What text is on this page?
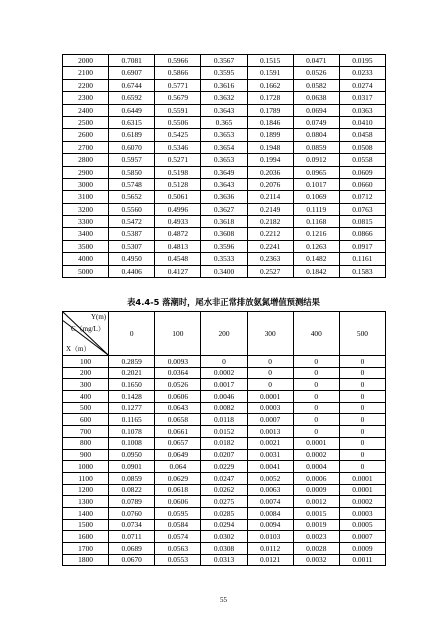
2000	0.7081	0.5966	0.3567	0.1515	0.0471	0.0195
2100	0.6907	0.5866	0.3595	0.1591	0.0526	0.0233
2200	0.6744	0.5771	0.3616	0.1662	0.0582	0.0274
2300	0.6592	0.5679	0.3632	0.1728	0.0638	0.0317
2400	0.6449	0.5591	0.3643	0.1789	0.0694	0.0363
2500	0.6315	0.5506	0.365	0.1846	0.0749	0.0410
2600	0.6189	0.5425	0.3653	0.1899	0.0804	0.0458
2700	0.6070	0.5346	0.3654	0.1948	0.0859	0.0508
2800	0.5957	0.5271	0.3653	0.1994	0.0912	0.0558
2900	0.5850	0.5198	0.3649	0.2036	0.0965	0.0609
3000	0.5748	0.5128	0.3643	0.2076	0.1017	0.0660
3100	0.5652	0.5061	0.3636	0.2114	0.1069	0.0712
3200	0.5560	0.4996	0.3627	0.2149	0.1119	0.0763
3300	0.5472	0.4933	0.3618	0.2182	0.1168	0.0815
3400	0.5387	0.4872	0.3608	0.2212	0.1216	0.0866
3500	0.5307	0.4813	0.3596	0.2241	0.1263	0.0917
4000	0.4950	0.4548	0.3533	0.2363	0.1482	0.1161
5000	0.4406	0.4127	0.3400	0.2527	0.1842	0.1583
表4.4-5 落潮时，尾水非正常排放氨氮增值预测结果
Y(m)
C（mg/L）
X（m）	0	100	200	300	400	500
100	0.2859	0.0093	0	0	0	0
200	0.2021	0.0364	0.0002	0	0	0
300	0.1650	0.0526	0.0017	0	0	0
400	0.1428	0.0606	0.0046	0.0001	0	0
500	0.1277	0.0643	0.0082	0.0003	0	0
600	0.1165	0.0658	0.0118	0.0007	0	0
700	0.1078	0.0661	0.0152	0.0013	0	0
800	0.1008	0.0657	0.0182	0.0021	0.0001	0
900	0.0950	0.0649	0.0207	0.0031	0.0002	0
1000	0.0901	0.064	0.0229	0.0041	0.0004	0
1100	0.0859	0.0629	0.0247	0.0052	0.0006	0.0001
1200	0.0822	0.0618	0.0262	0.0063	0.0009	0.0001
1300	0.0789	0.0606	0.0275	0.0074	0.0012	0.0002
1400	0.0760	0.0595	0.0285	0.0084	0.0015	0.0003
1500	0.0734	0.0584	0.0294	0.0094	0.0019	0.0005
1600	0.0711	0.0574	0.0302	0.0103	0.0023	0.0007
1700	0.0689	0.0563	0.0308	0.0112	0.0028	0.0009
1800	0.0670	0.0553	0.0313	0.0121	0.0032	0.0011
55
